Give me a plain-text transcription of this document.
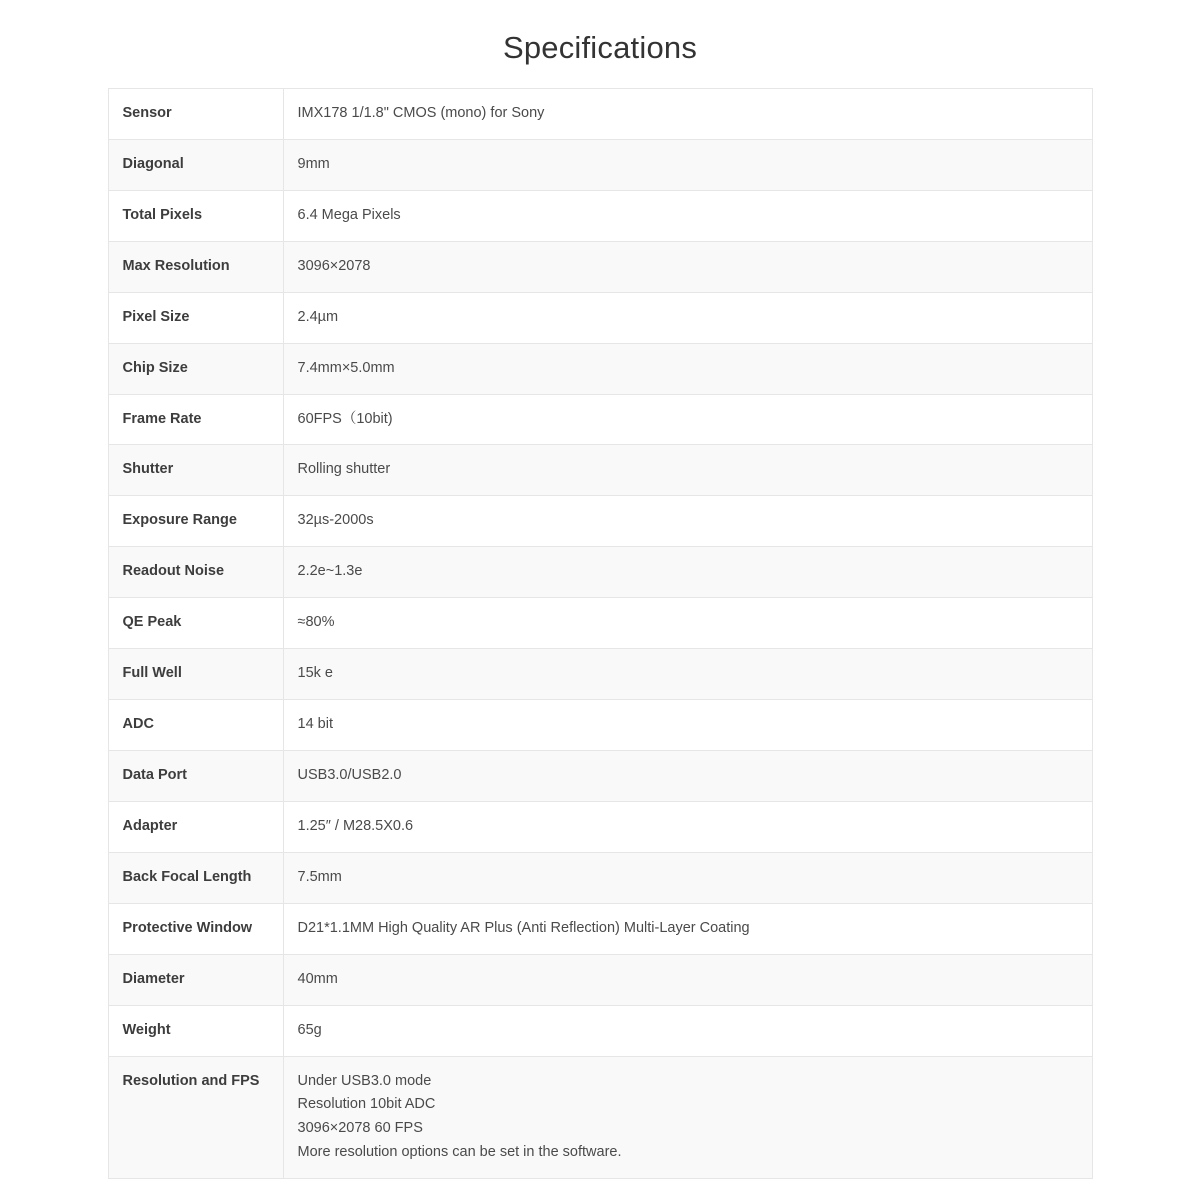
Specifications
Sensor	IMX178 1/1.8" CMOS (mono) for Sony
Diagonal	9mm
Total Pixels	6.4 Mega Pixels
Max Resolution	3096×2078
Pixel Size	2.4µm
Chip Size	7.4mm×5.0mm
Frame Rate	60FPS（10bit)
Shutter	Rolling shutter
Exposure Range	32µs-2000s
Readout Noise	2.2e~1.3e
QE Peak	≈80%
Full Well	15k e
ADC	14 bit
Data Port	USB3.0/USB2.0
Adapter	1.25″ / M28.5X0.6
Back Focal Length	7.5mm
Protective Window	D21*1.1MM High Quality AR Plus (Anti Reflection) Multi-Layer Coating
Diameter	40mm
Weight	65g
Resolution and FPS	Under USB3.0 mode
Resolution 10bit ADC
3096×2078 60 FPS
More resolution options can be set in the software.
